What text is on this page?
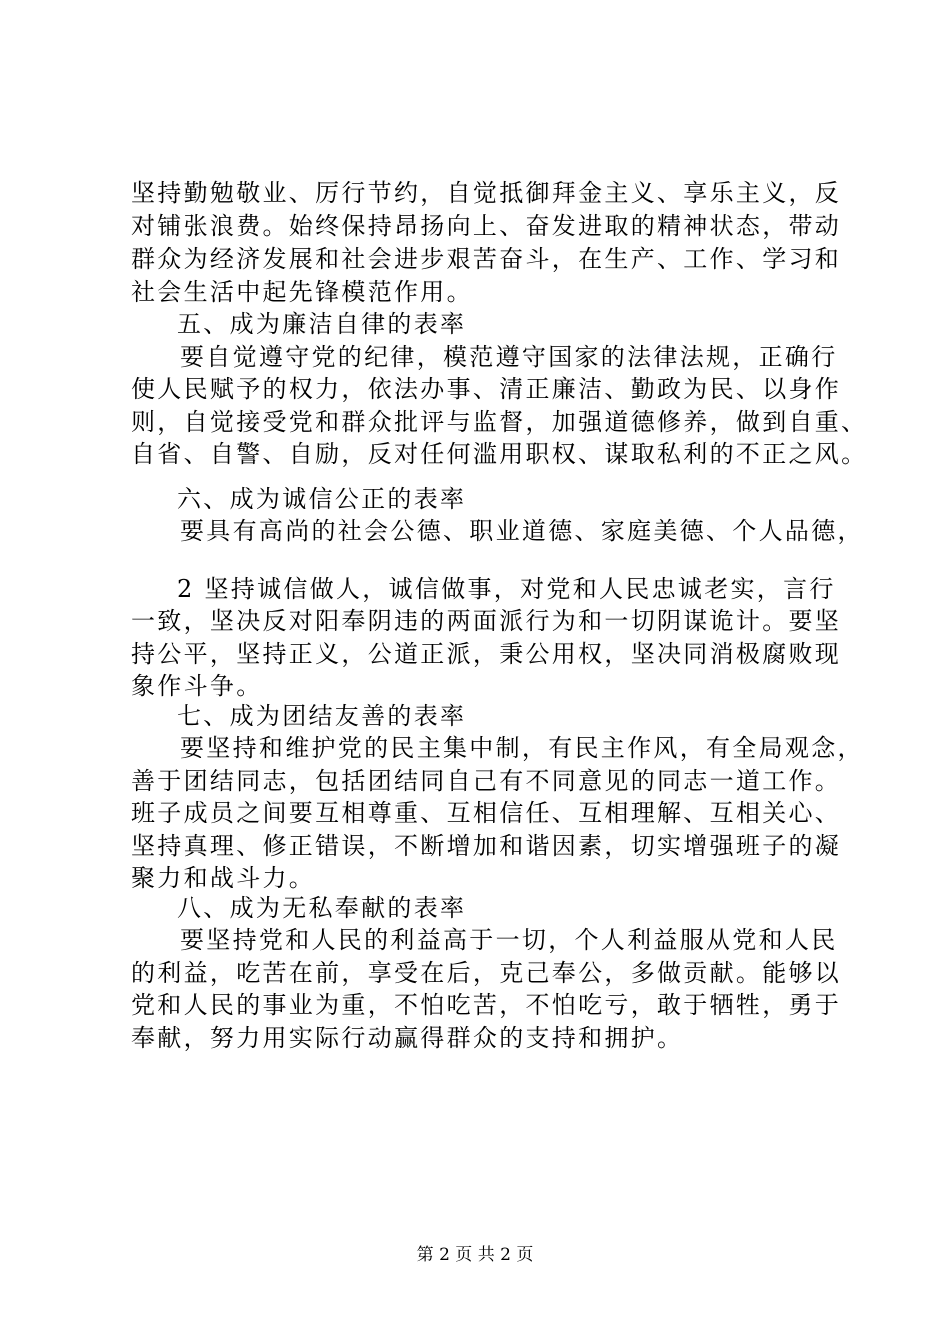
坚持勤勉敬业、厉行节约，自觉抵御拜金主义、享乐主义，反
对铺张浪费。始终保持昂扬向上、奋发进取的精神状态，带动
群众为经济发展和社会进步艰苦奋斗，在生产、工作、学习和
社会生活中起先锋模范作用。
五、成为廉洁自律的表率
要自觉遵守党的纪律，模范遵守国家的法律法规，正确行
使人民赋予的权力，依法办事、清正廉洁、勤政为民、以身作
则，自觉接受党和群众批评与监督，加强道德修养，做到自重、
自省、自警、自励，反对任何滥用职权、谋取私利的不正之风。
六、成为诚信公正的表率
要具有高尚的社会公德、职业道德、家庭美德、个人品德，
2 坚持诚信做人，诚信做事，对党和人民忠诚老实，言行
一致，坚决反对阳奉阴违的两面派行为和一切阴谋诡计。要坚
持公平，坚持正义，公道正派，秉公用权，坚决同消极腐败现
象作斗争。
七、成为团结友善的表率
要坚持和维护党的民主集中制，有民主作风，有全局观念，
善于团结同志，包括团结同自己有不同意见的同志一道工作。
班子成员之间要互相尊重、互相信任、互相理解、互相关心、
坚持真理、修正错误，不断增加和谐因素，切实增强班子的凝
聚力和战斗力。
八、成为无私奉献的表率
要坚持党和人民的利益高于一切，个人利益服从党和人民
的利益，吃苦在前，享受在后，克己奉公，多做贡献。能够以
党和人民的事业为重，不怕吃苦，不怕吃亏，敢于牺牲，勇于
奉献，努力用实际行动赢得群众的支持和拥护。
第 2 页 共 2 页
